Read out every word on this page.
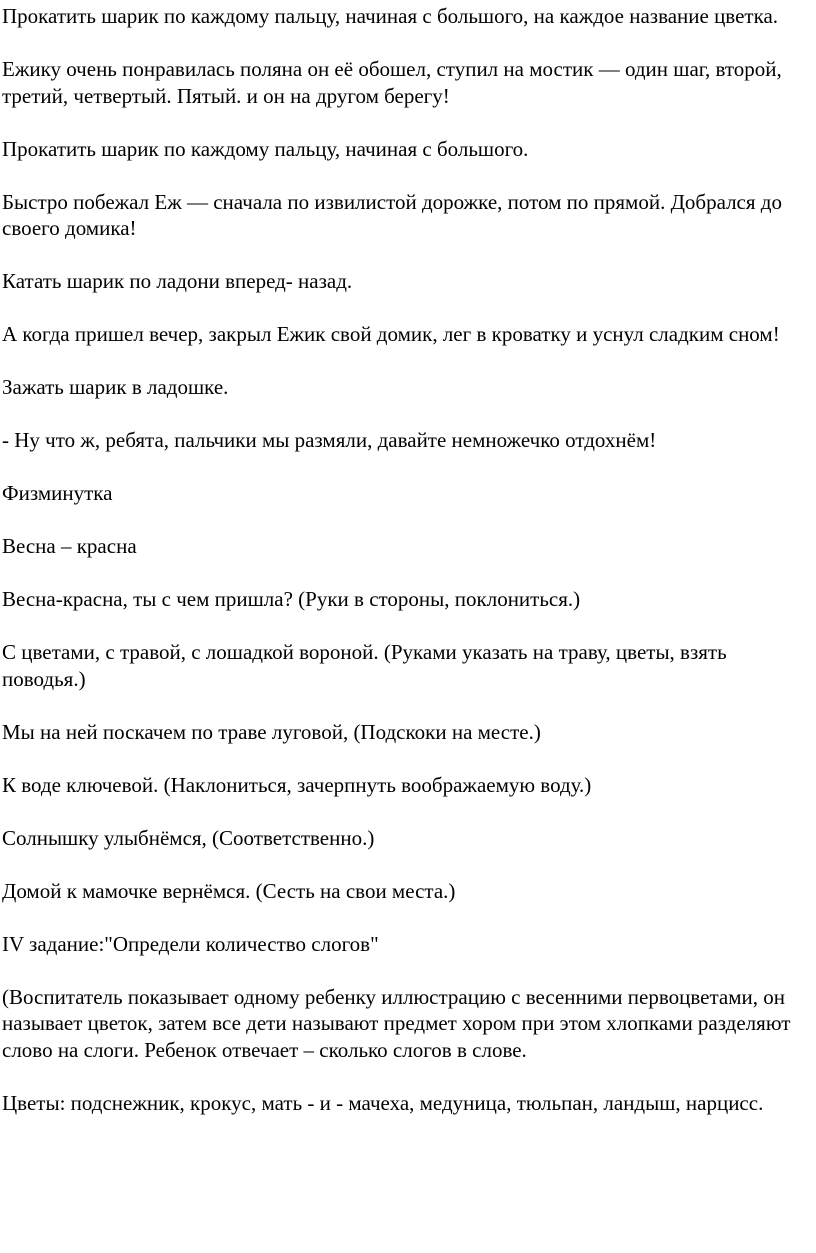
Прокатить шарик по каждому пальцу, начиная с большого, на каждое название цветка.

Ежику очень понравилась поляна он её обошел, ступил на мостик — один шаг, второй, третий, четвертый. Пятый. и он на другом берегу!

Прокатить шарик по каждому пальцу, начиная с большого.

Быстро побежал Еж — сначала по извилистой дорожке, потом по прямой. Добрался до своего домика!

Катать шарик по ладони вперед- назад.

А когда пришел вечер, закрыл Ежик свой домик, лег в кроватку и уснул сладким сном!

Зажать шарик в ладошке.

- Ну что ж, ребята, пальчики мы размяли, давайте немножечко отдохнём!

Физминутка

Весна – красна

Весна-красна, ты с чем пришла? (Руки в стороны, поклониться.)

С цветами, с травой, с лошадкой вороной. (Руками указать на траву, цветы, взять поводья.)

Мы на ней поскачем по траве луговой, (Подскоки на месте.)

К воде ключевой. (Наклониться, зачерпнуть воображаемую воду.)

Солнышку улыбнёмся, (Соответственно.)

Домой к мамочке вернёмся. (Сесть на свои места.)

IV задание:"Определи количество слогов"

(Воспитатель показывает одному ребенку иллюстрацию с весенними первоцветами, он называет цветок, затем все дети называют предмет хором при этом хлопками разделяют слово на слоги. Ребенок отвечает – сколько слогов в слове.

Цветы: подснежник, крокус, мать - и - мачеха, медуница, тюльпан, ландыш, нарцисс.
